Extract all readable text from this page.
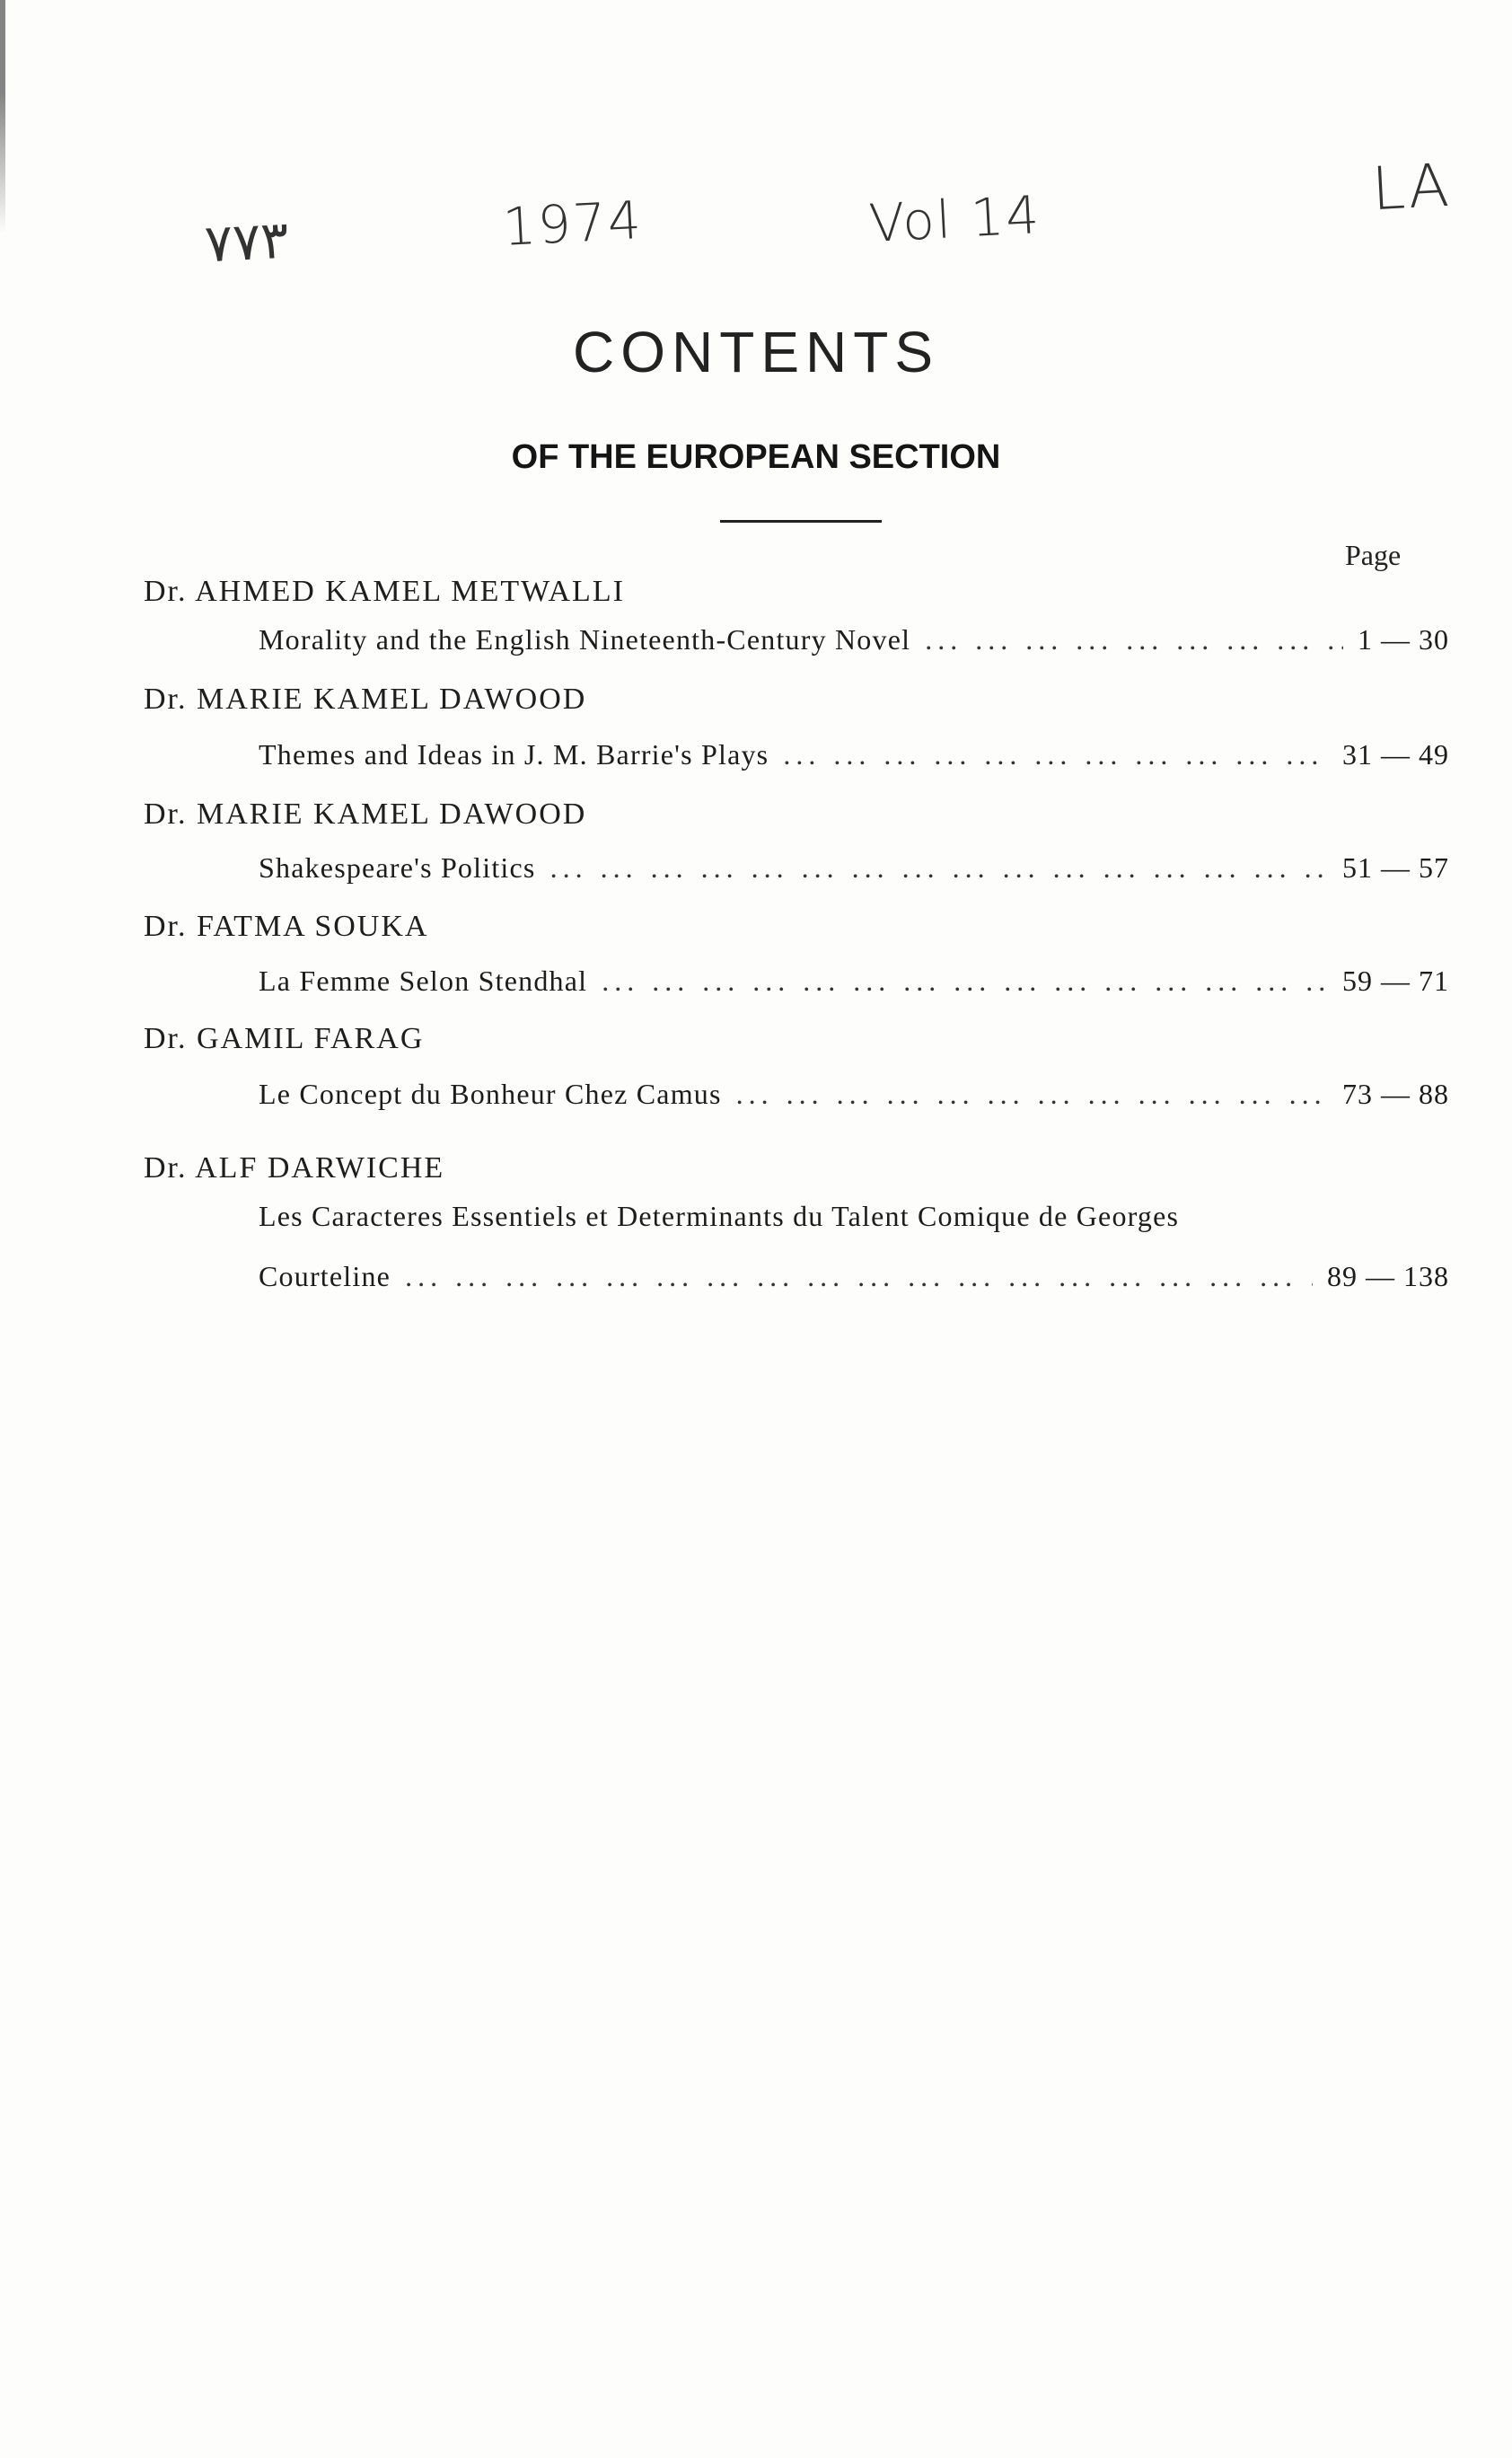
٧٧٣	1974	Vol 14	LA
CONTENTS
OF THE EUROPEAN SECTION
Page
Dr. AHMED KAMEL METWALLI
Morality and the English Nineteenth-Century Novel ... .	1 — 30
Dr. MARIE KAMEL DAWOOD
Themes and Ideas in J. M. Barrie's Plays ... .	31 — 49
Dr. MARIE KAMEL DAWOOD
Shakespeare's Politics ... .	51 — 57
Dr. FATMA SOUKA
La Femme Selon Stendhal ... .	59 — 71
Dr. GAMIL FARAG
Le Concept du Bonheur Chez Camus ... .	73 — 88
Dr. ALF DARWICHE
Les Caracteres Essentiels et Determinants du Talent Comique de Georges
Courteline ... .	89 — 138
